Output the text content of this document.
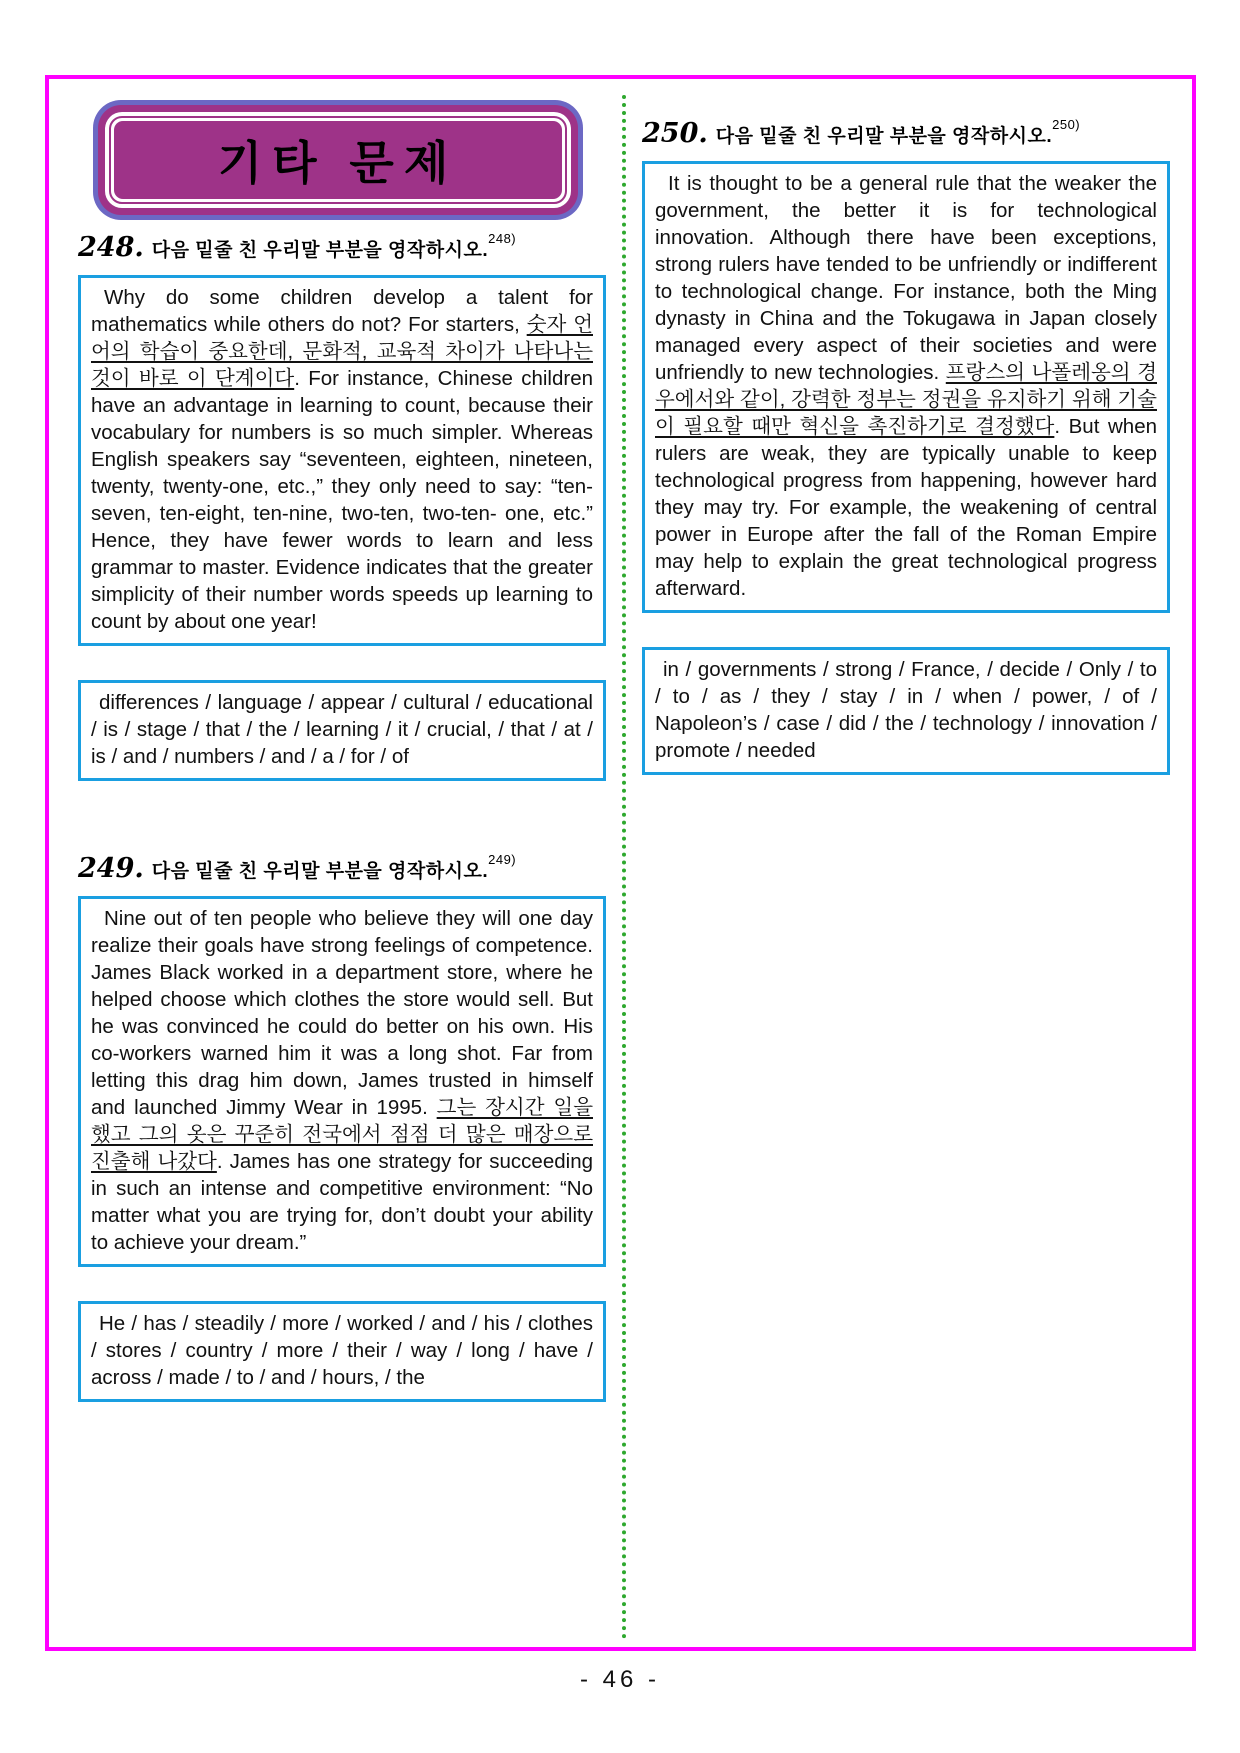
기타 문제
248. 다음 밑줄 친 우리말 부분을 영작하시오.$^{248)}$

Why do some children develop a talent for mathematics while others do not? For starters, 숫자 언어의 학습이 중요한데, 문화적, 교육적 차이가 나타나는 것이 바로 이 단계이다. For instance, Chinese children have an advantage in learning to count, because their vocabulary for numbers is so much simpler. Whereas English speakers say “seventeen, eighteen, nineteen, twenty, twenty-one, etc.,” they only need to say: “ten-seven, ten-eight, ten-nine, two-ten, two-ten- one, etc.” Hence, they have fewer words to learn and less grammar to master. Evidence indicates that the greater simplicity of their number words speeds up learning to count by about one year!

differences / language / appear / cultural / educational / is / stage / that / the / learning / it / crucial, / that / at / is / and / numbers / and / a / for / of

249. 다음 밑줄 친 우리말 부분을 영작하시오.$^{249)}$

Nine out of ten people who believe they will one day realize their goals have strong feelings of competence. James Black worked in a department store, where he helped choose which clothes the store would sell. But he was convinced he could do better on his own. His co-workers warned him it was a long shot. Far from letting this drag him down, James trusted in himself and launched Jimmy Wear in 1995. 그는 장시간 일을 했고 그의 옷은 꾸준히 전국에서 점점 더 많은 매장으로 진출해 나갔다. James has one strategy for succeeding in such an intense and competitive environment: “No matter what you are trying for, don’t doubt your ability to achieve your dream.”

He / has / steadily / more / worked / and / his / clothes / stores / country / more / their / way / long / have / across / made / to / and / hours, / the

250. 다음 밑줄 친 우리말 부분을 영작하시오.$^{250)}$

It is thought to be a general rule that the weaker the government, the better it is for technological innovation. Although there have been exceptions, strong rulers have tended to be unfriendly or indifferent to technological change. For instance, both the Ming dynasty in China and the Tokugawa in Japan closely managed every aspect of their societies and were unfriendly to new technologies. 프랑스의 나폴레옹의 경우에서와 같이, 강력한 정부는 정권을 유지하기 위해 기술이 필요할 때만 혁신을 촉진하기로 결정했다. But when rulers are weak, they are typically unable to keep technological progress from happening, however hard they may try. For example, the weakening of central power in Europe after the fall of the Roman Empire may help to explain the great technological progress afterward.

in / governments / strong / France, / decide / Only / to / to / as / they / stay / in / when / power, / of / Napoleon’s / case / did / the / technology / innovation / promote / needed

- 46 -
